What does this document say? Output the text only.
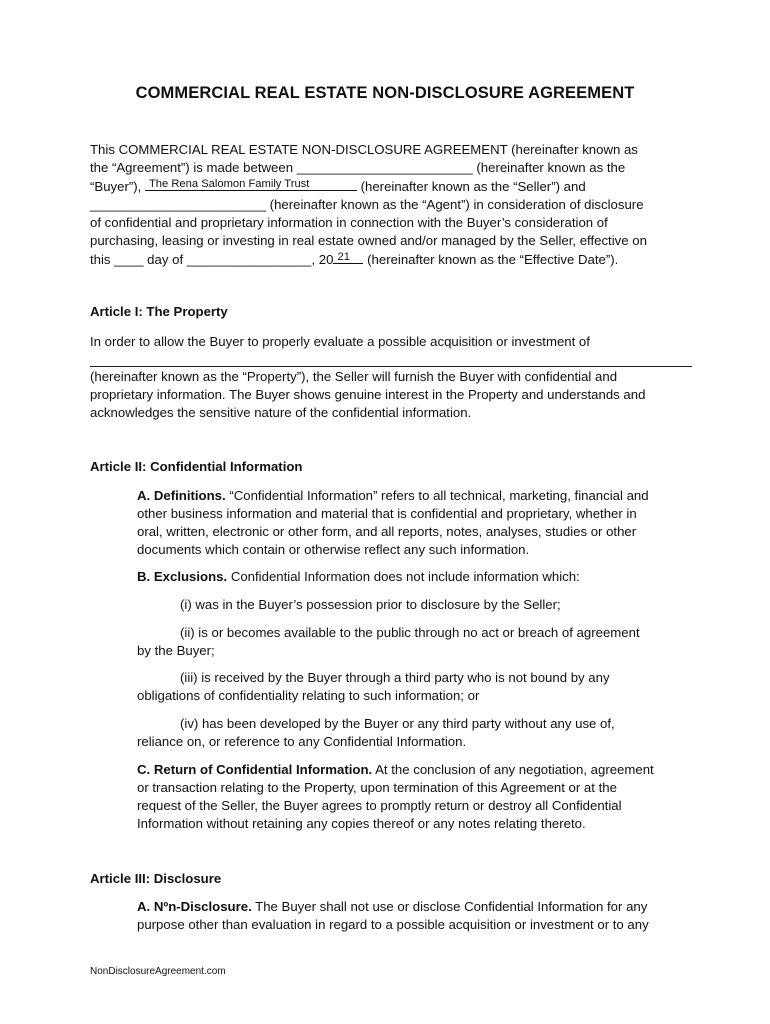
COMMERCIAL REAL ESTATE NON-DISCLOSURE AGREEMENT
This COMMERCIAL REAL ESTATE NON-DISCLOSURE AGREEMENT (hereinafter known as
the “Agreement”) is made between ________________________ (hereinafter known as the
“Buyer”), The Rena Salomon Family Trust	(hereinafter known as the “Seller”) and
________________________ (hereinafter known as the “Agent”) in consideration of disclosure
of confidential and proprietary information in connection with the Buyer’s consideration of
purchasing, leasing or investing in real estate owned and/or managed by the Seller, effective on
this ____ day of _________________, 20 21 (hereinafter known as the “Effective Date”).
Article I: The Property
In order to allow the Buyer to properly evaluate a possible acquisition or investment of
(hereinafter known as the “Property”), the Seller will furnish the Buyer with confidential and
proprietary information. The Buyer shows genuine interest in the Property and understands and
acknowledges the sensitive nature of the confidential information.
Article II: Confidential Information
A. Definitions. “Confidential Information” refers to all technical, marketing, financial and
other business information and material that is confidential and proprietary, whether in
oral, written, electronic or other form, and all reports, notes, analyses, studies or other
documents which contain or otherwise reflect any such information.
B. Exclusions. Confidential Information does not include information which:
(i) was in the Buyer’s possession prior to disclosure by the Seller;
(ii) is or becomes available to the public through no act or breach of agreement
by the Buyer;
(iii) is received by the Buyer through a third party who is not bound by any
obligations of confidentiality relating to such information; or
(iv) has been developed by the Buyer or any third party without any use of,
reliance on, or reference to any Confidential Information.
C. Return of Confidential Information. At the conclusion of any negotiation, agreement
or transaction relating to the Property, upon termination of this Agreement or at the
request of the Seller, the Buyer agrees to promptly return or destroy all Confidential
Information without retaining any copies thereof or any notes relating thereto.
Article III: Disclosure
A. Nºn-Disclosure. The Buyer shall not use or disclose Confidential Information for any
purpose other than evaluation in regard to a possible acquisition or investment or to any
NonDisclosureAgreement.com
